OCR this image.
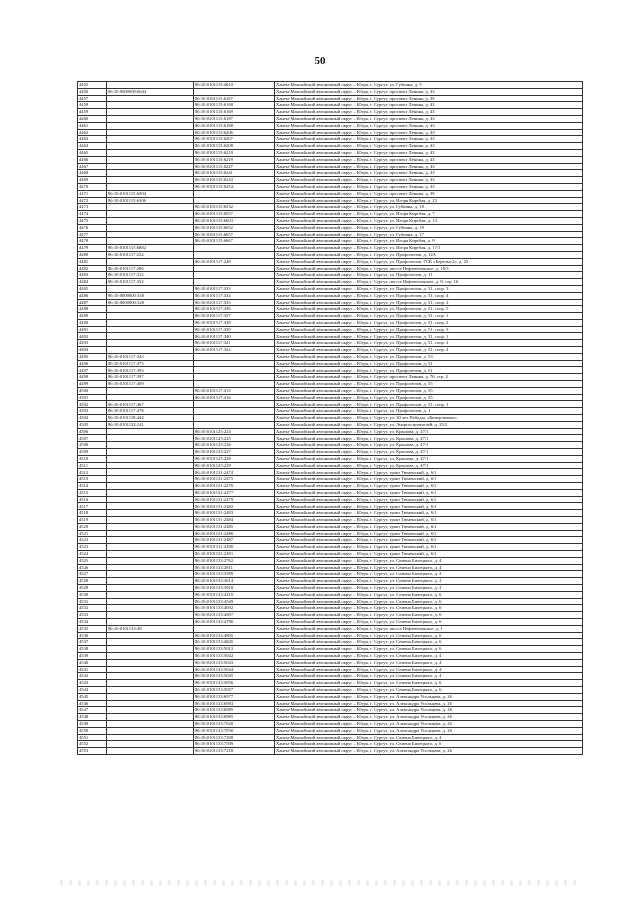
50
4455		86:10:0101115:4610	Ханты-Мансийский автономный округ – Югра, г. Сургут, ул. Губкина, д. 5
4456	86:10:0000000:6644		Ханты-Мансийский автономный округ – Югра, г. Сургут, проспект Ленина, д. 43
4457		86:10:0101115:6167	Ханты-Мансийский автономный округ – Югра, г. Сургут, проспект Ленина, д. 39
4458		86:10:0101115:6168	Ханты-Мансийский автономный округ – Югра, г. Сургут, проспект Ленина, д. 43
4459		86:10:0101115:6169	Ханты-Мансийский автономный округ – Югра, г. Сургут, проспект Ленина, д. 43
4460		86:10:0101115:6187	Ханты-Мансийский автономный округ – Югра, г. Сургут, проспект Ленина, д. 43
4461		86:10:0101115:6188	Ханты-Мансийский автономный округ – Югра, г. Сургут, проспект Ленина, д. 43
4462		86:10:0101115:6206	Ханты-Мансийский автономный округ – Югра, г. Сургут, проспект Ленина, д. 43
4463		86:10:0101115:6207	Ханты-Мансийский автономный округ – Югра, г. Сургут, проспект Ленина, д. 43
4464		86:10:0101115:6208	Ханты-Мансийский автономный округ – Югра, г. Сургут, проспект Ленина, д. 43
4465		86:10:0101115:6210	Ханты-Мансийский автономный округ – Югра, г. Сургут, проспект Ленина, д. 43
4466		86:10:0101115:6219	Ханты-Мансийский автономный округ – Югра, г. Сургут, проспект Ленина, д. 43
4467		86:10:0101115:6227	Ханты-Мансийский автономный округ – Югра, г. Сургут, проспект Ленина, д. 43
4468		86:10:0101115:6241	Ханты-Мансийский автономный округ – Югра, г. Сургут, проспект Ленина, д. 43
4469		86:10:0101115:6243	Ханты-Мансийский автономный округ – Югра, г. Сургут, проспект Ленина, д. 43
4470		86:10:0101115:6254	Ханты-Мансийский автономный округ – Югра, г. Сургут, проспект Ленина, д. 43
4471	86:10:0101115:6304		Ханты-Мансийский автономный округ – Югра, г. Сургут, проспект Ленина, д. 39
4472	86:10:0101115:6306		Ханты-Мансийский автономный округ – Югра, г. Сургут, ул. Игоря Киртбая, д. 23
4473		86:10:0101115:6532	Ханты-Мансийский автономный округ – Югра, г. Сургут, ул. Губкина, д. 18
4474		86:10:0101115:6557	Ханты-Мансийский автономный округ – Югра, г. Сургут, ул. Игоря Киртбая, д. 7
4475		86:10:0101115:6603	Ханты-Мансийский автономный округ – Югра, г. Сургут, ул. Игоря Киртбая, д. 13
4476		86:10:0101115:6652	Ханты-Мансийский автономный округ – Югра, г. Сургут, ул. Губкина, д. 19
4477		86:10:0101115:6657	Ханты-Мансийский автономный округ – Югра, г. Сургут, ул. Губкина, д. 17
4478		86:10:0101115:6667	Ханты-Мансийский автономный округ – Югра, г. Сургут, ул. Игоря Киртбая, д. 9
4479	86:10:0101115:6882		Ханты-Мансийский автономный округ – Югра, г. Сургут, ул. Игоря Киртбая, д. 17/1
4480	86:10:0101117:232		Ханты-Мансийский автономный округ – Югра, г. Сургут, ул. Профсоюзов, д. 12А
4481		86:10:0101117:248	Ханты-Мансийский автономный округ – Югра, г. Сургут, ул. Профсоюзов, ГСК «Березка-2», д. 25
4482	86:10:0101117:286		Ханты-Мансийский автономный округ – Югра, г. Сургут, шоссе Нефтеюганское, д. 18/3
4483	86:10:0101117:312		Ханты-Мансийский автономный округ – Югра, г. Сургут, ул. Профсоюзов, д. 11
4484	86:10:0101117:332		Ханты-Мансийский автономный округ – Югра, г. Сургут, шоссе Нефтеюганское, д. 8, стр. 16
4485		86:10:0101117:333	Ханты-Мансийский автономный округ – Югра, г. Сургут, ул. Профсоюзов, д. 51, соор. 3
4486	86:10:0000000:330	86:10:0101117:334	Ханты-Мансийский автономный округ – Югра, г. Сургут, ул. Профсоюзов, д. 51, соор. 4
4487	86:10:0000000:320	86:10:0101117:335	Ханты-Мансийский автономный округ – Югра, г. Сургут, ул. Профсоюзов, д. 51, соор. 2
4488		86:10:0101117:336	Ханты-Мансийский автономный округ – Югра, г. Сургут, ул. Профсоюзов, д. 51, соор. 5
4489		86:10:0101117:337	Ханты-Мансийский автономный округ – Югра, г. Сургут, ул. Профсоюзов, д. 51, соор. 1
4490		86:10:0101117:338	Ханты-Мансийский автономный округ – Югра, г. Сургут, ул. Профсоюзов, д. 51, соор. 2
4491		86:10:0101117:339	Ханты-Мансийский автономный округ – Югра, г. Сургут, ул. Профсоюзов, д. 51, соор. 3
4492		86:10:0101117:340	Ханты-Мансийский автономный округ – Югра, г. Сургут, ул. Профсоюзов, д. 51, соор. 1
4493		86:10:0101117:341	Ханты-Мансийский автономный округ – Югра, г. Сургут, ул. Профсоюзов, д. 51, соор. 2
4494		86:10:0101117:342	Ханты-Мансийский автономный округ – Югра, г. Сургут, ул. Профсоюзов, д. 51, соор. 4
4495	86:10:0101117:343		Ханты-Мансийский автономный округ – Югра, г. Сургут, ул. Профсоюзов, д. 53
4496	86:10:0101117:375		Ханты-Мансийский автономный округ – Югра, г. Сургут, ул. Профсоюзов, д. 51
4497	86:10:0101117:393		Ханты-Мансийский автономный округ – Югра, г. Сургут, ул. Профсоюзов, д. 51
4498	86:10:0101117:397		Ханты-Мансийский автономный округ – Югра, г. Сургут, проспект Ленина, д. 76, стр. 2
4499	86:10:0101117:409		Ханты-Мансийский автономный округ – Югра, г. Сургут, ул. Профсоюзов, д. 55
4500		86:10:0101117:413	Ханты-Мансийский автономный округ – Югра, г. Сургут, ул. Профсоюзов, д. 55
4501		86:10:0101117:416	Ханты-Мансийский автономный округ – Югра, г. Сургут, ул. Профсоюзов, д. 55
4502	86:10:0101117:467		Ханты-Мансийский автономный округ – Югра, г. Сургут, ул. Профсоюзов, д. 51, соор. 1
4503	86:10:0101117:478		Ханты-Мансийский автономный округ – Югра, г. Сургут, ул. Профсоюзов, д. 1
4504	86:10:0101118:444		Ханты-Мансийский автономный округ – Югра, г. Сургут, ул. 30 лет Победы, «Кемеровчане»
4505	86:10:0101122:141		Ханты-Мансийский автономный округ – Югра, г. Сургут, ул. Энергостроителей, д. 25/2
4506		86:10:0101125:224	Ханты-Мансийский автономный округ – Югра, г. Сургут, ул. Крылова, д. 47/1
4507		86:10:0101125:225	Ханты-Мансийский автономный округ – Югра, г. Сургут, ул. Крылова, д. 47/1
4508		86:10:0101125:226	Ханты-Мансийский автономный округ – Югра, г. Сургут, ул. Крылова, д. 47/1
4509		86:10:0101125:227	Ханты-Мансийский автономный округ – Югра, г. Сургут, ул. Крылова, д. 47/1
4510		86:10:0101125:228	Ханты-Мансийский автономный округ – Югра, г. Сургут, ул. Крылова, д. 47/1
4511		86:10:0101125:229	Ханты-Мансийский автономный округ – Югра, г. Сургут, ул. Крылова, д. 47/1
4512		86:10:0101131:2474	Ханты-Мансийский автономный округ – Югра, г. Сургут, тракт Тюменский, д. 6/1
4513		86:10:0101131:2475	Ханты-Мансийский автономный округ – Югра, г. Сургут, тракт Тюменский, д. 6/1
4514		86:10:0101131:2476	Ханты-Мансийский автономный округ – Югра, г. Сургут, тракт Тюменский, д. 6/1
4515		86:10:0101131:2477	Ханты-Мансийский автономный округ – Югра, г. Сургут, тракт Тюменский, д. 6/1
4516		86:10:0101131:2479	Ханты-Мансийский автономный округ – Югра, г. Сургут, тракт Тюменский, д. 6/1
4517		86:10:0101131:2482	Ханты-Мансийский автономный округ – Югра, г. Сургут, тракт Тюменский, д. 6/1
4518		86:10:0101131:2483	Ханты-Мансийский автономный округ – Югра, г. Сургут, тракт Тюменский, д. 6/1
4519		86:10:0101131:2484	Ханты-Мансийский автономный округ – Югра, г. Сургут, тракт Тюменский, д. 6/1
4520		86:10:0101131:2485	Ханты-Мансийский автономный округ – Югра, г. Сургут, тракт Тюменский, д. 6/1
4521		86:10:0101131:2486	Ханты-Мансийский автономный округ – Югра, г. Сургут, тракт Тюменский, д. 6/1
4522		86:10:0101131:2487	Ханты-Мансийский автономный округ – Югра, г. Сургут, тракт Тюменский, д. 6/1
4523		86:10:0101131:2490	Ханты-Мансийский автономный округ – Югра, г. Сургут, тракт Тюменский, д. 6/1
4524		86:10:0101131:2491	Ханты-Мансийский автономный округ – Югра, г. Сургут, тракт Тюменский, д. 6/1
4525		86:10:0101133:2762	Ханты-Мансийский автономный округ – Югра, г. Сургут, ул. Семена Билецкого, д. 4
4526		86:10:0101133:2811	Ханты-Мансийский автономный округ – Югра, г. Сургут, ул. Семена Билецкого, д. 4
4527		86:10:0101133:3589	Ханты-Мансийский автономный округ – Югра, г. Сургут, ул. Семена Билецкого, д. 2
4528		86:10:0101133:3614	Ханты-Мансийский автономный округ – Югра, г. Сургут, ул. Семена Билецкого, д. 2
4529		86:10:0101133:3918	Ханты-Мансийский автономный округ – Югра, г. Сургут, ул. Семена Билецкого, д. 2
4530		86:10:0101133:4210	Ханты-Мансийский автономный округ – Югра, г. Сургут, ул. Семена Билецкого, д. 6
4531		86:10:0101133:4549	Ханты-Мансийский автономный округ – Югра, г. Сургут, ул. Семена Билецкого, д. 6
4532		86:10:0101133:4692	Ханты-Мансийский автономный округ – Югра, г. Сургут, ул. Семена Билецкого, д. 6
4533		86:10:0101133:4697	Ханты-Мансийский автономный округ – Югра, г. Сургут, ул. Семена Билецкого, д. 6
4534		86:10:0101133:4786	Ханты-Мансийский автономный округ – Югра, г. Сургут, ул. Семена Билецкого, д. 6
4535	86:10:0101133:48		Ханты-Мансийский автономный округ – Югра, г. Сургут, шоссе Нефтеюганское, д. 1
4536		86:10:0101133:4805	Ханты-Мансийский автономный округ – Югра, г. Сургут, ул. Семена Билецкого, д. 6
4537		86:10:0101133:4845	Ханты-Мансийский автономный округ – Югра, г. Сургут, ул. Семена Билецкого, д. 6
4538		86:10:0101133:5013	Ханты-Мансийский автономный округ – Югра, г. Сургут, ул. Семена Билецкого, д. 6
4539		86:10:0101133:5042	Ханты-Мансийский автономный округ – Югра, г. Сургут, ул. Семена Билецкого, д. 4
4540		86:10:0101133:5043	Ханты-Мансийский автономный округ – Югра, г. Сургут, ул. Семена Билецкого, д. 4
4541		86:10:0101133:5044	Ханты-Мансийский автономный округ – Югра, г. Сургут, ул. Семена Билецкого, д. 4
4542		86:10:0101133:5045	Ханты-Мансийский автономный округ – Югра, г. Сургут, ул. Семена Билецкого, д. 4
4543		86:10:0101133:5056	Ханты-Мансийский автономный округ – Югра, г. Сургут, ул. Семена Билецкого, д. 6
4544		86:10:0101133:5057	Ханты-Мансийский автономный округ – Югра, г. Сургут, ул. Семена Билецкого, д. 6
4545		86:10:0101133:6977	Ханты-Мансийский автономный округ – Югра, г. Сургут, ул. Александра Усольцева, д. 26
4546		86:10:0101133:6983	Ханты-Мансийский автономный округ – Югра, г. Сургут, ул. Александра Усольцева, д. 26
4547		86:10:0101133:6985	Ханты-Мансийский автономный округ – Югра, г. Сургут, ул. Александра Усольцева, д. 26
4548		86:10:0101133:6985	Ханты-Мансийский автономный округ – Югра, г. Сургут, ул. Александра Усольцева, д. 26
4549		86:10:0101133:7020	Ханты-Мансийский автономный округ – Югра, г. Сургут, ул. Александра Усольцева, д. 26
4550		86:10:0101133:7030	Ханты-Мансийский автономный округ – Югра, г. Сургут, ул. Александра Усольцева, д. 26
4551		86:10:0101133:7208	Ханты-Мансийский автономный округ – Югра, г. Сургут, ул. Семена Билецкого, д. 4
4552		86:10:0101133:7509	Ханты-Мансийский автономный округ – Югра, г. Сургут, ул. Семена Билецкого, д. 6
4553		86:10:0101133:7218	Ханты-Мансийский автономный округ – Югра, г. Сургут, ул. Александра Усольцева, д. 26
